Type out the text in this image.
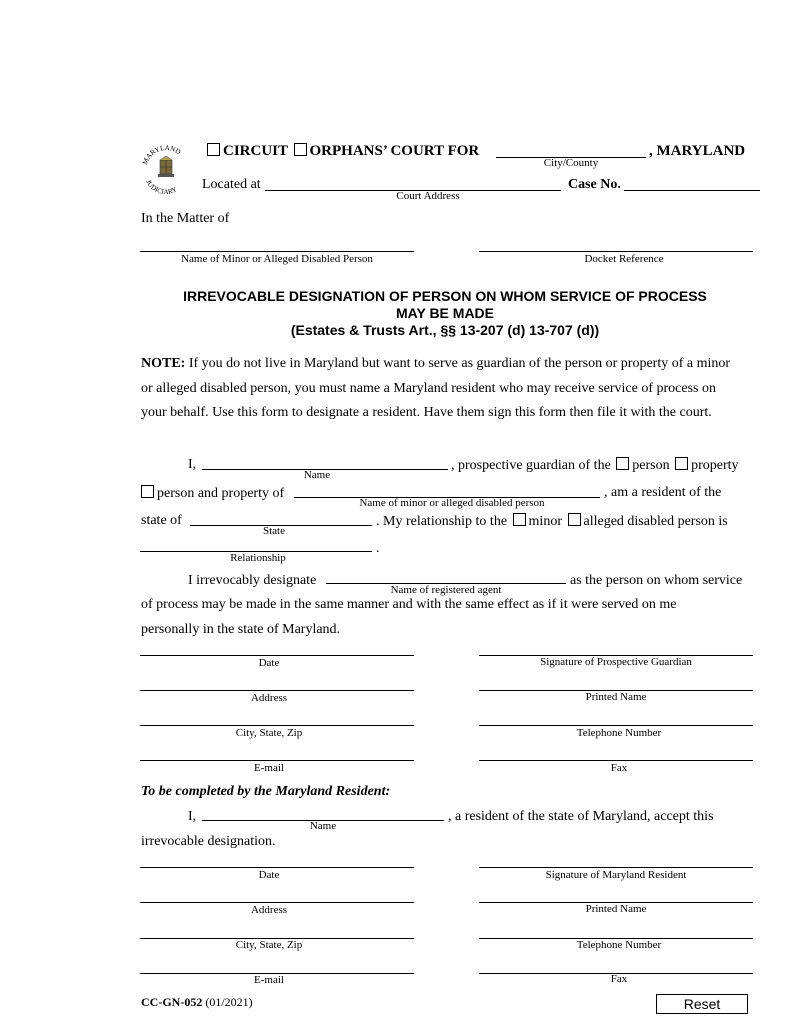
MARYLAND
JUDICIARY
CIRCUIT ORPHANS’ COURT FOR	, MARYLAND
City/County
Located at
Court Address
Case No.
In the Matter of
Name of Minor or Alleged Disabled Person	Docket Reference
IRREVOCABLE DESIGNATION OF PERSON ON WHOM SERVICE OF PROCESS
MAY BE MADE
(Estates & Trusts Art., §§ 13-207 (d) 13-707 (d))
NOTE: If you do not live in Maryland but want to serve as guardian of the person or property of a minor
or alleged disabled person, you must name a Maryland resident who may receive service of process on
your behalf. Use this form to designate a resident. Have them sign this form then file it with the court.
I,
Name
, prospective guardian of the person property
person and property of
Name of minor or alleged disabled person
, am a resident of the
state of
State
. My relationship to the minor alleged disabled person is
.
Relationship
I irrevocably designate
Name of registered agent
as the person on whom service
of process may be made in the same manner and with the same effect as if it were served on me
personally in the state of Maryland.
Date	Signature of Prospective Guardian
Address	Printed Name
City, State, Zip	Telephone Number
E-mail	Fax
To be completed by the Maryland Resident:
I,
Name
, a resident of the state of Maryland, accept this
irrevocable designation.
Date	Signature of Maryland Resident
Address	Printed Name
City, State, Zip	Telephone Number
E-mail	Fax
CC-GN-052 (01/2021)	Reset
